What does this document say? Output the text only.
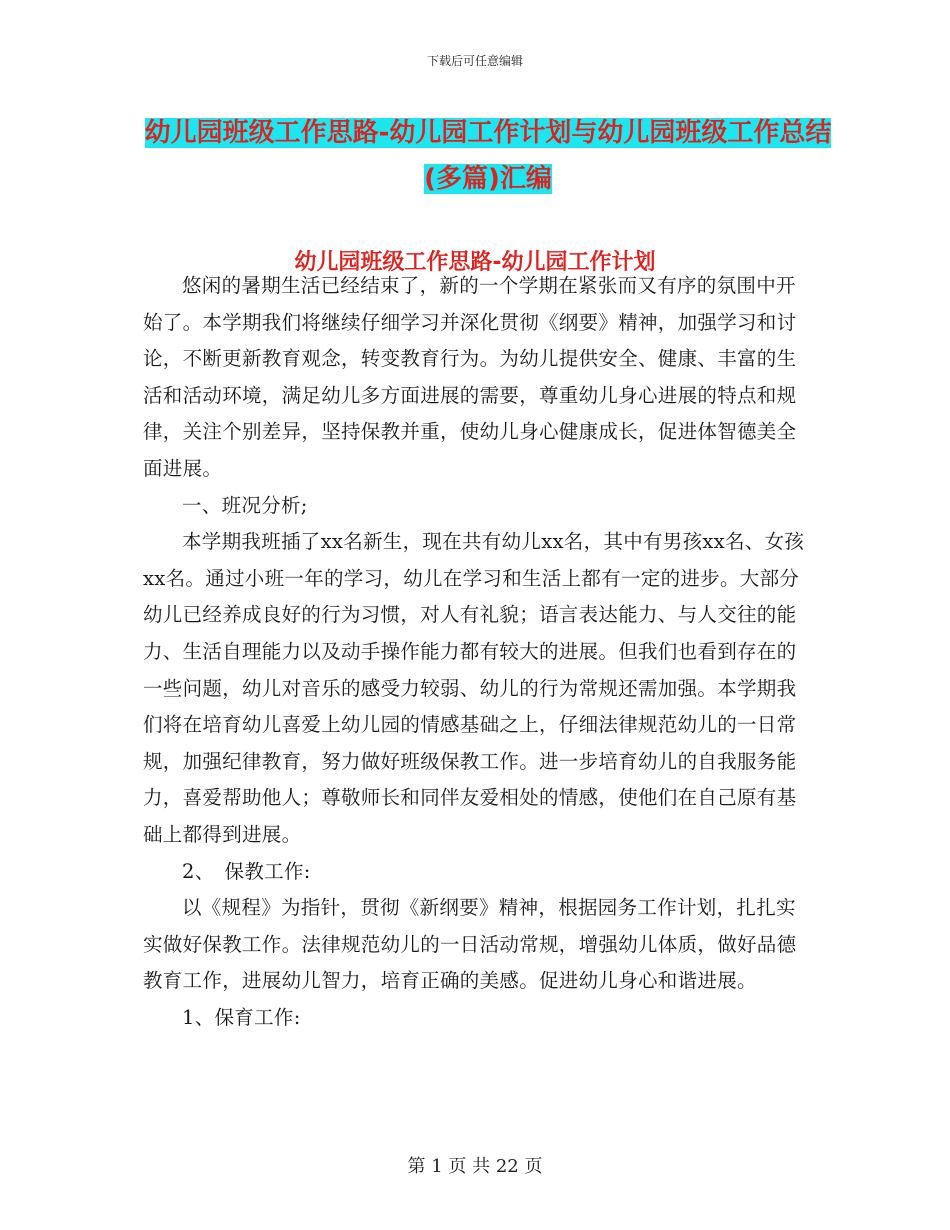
下载后可任意编辑
幼儿园班级工作思路-幼儿园工作计划与幼儿园班级工作总结(多篇)汇编
幼儿园班级工作思路-幼儿园工作计划

悠闲的暑期生活已经结束了，新的一个学期在紧张而又有序的氛围中开始了。本学期我们将继续仔细学习并深化贯彻《纲要》精神，加强学习和讨论，不断更新教育观念，转变教育行为。为幼儿提供安全、健康、丰富的生活和活动环境，满足幼儿多方面进展的需要，尊重幼儿身心进展的特点和规律，关注个别差异，坚持保教并重，使幼儿身心健康成长，促进体智德美全面进展。

一、班况分析;

本学期我班插了xx名新生，现在共有幼儿xx名，其中有男孩xx名、女孩xx名。通过小班一年的学习，幼儿在学习和生活上都有一定的进步。大部分幼儿已经养成良好的行为习惯，对人有礼貌；语言表达能力、与人交往的能力、生活自理能力以及动手操作能力都有较大的进展。但我们也看到存在的一些问题，幼儿对音乐的感受力较弱、幼儿的行为常规还需加强。本学期我们将在培育幼儿喜爱上幼儿园的情感基础之上，仔细法律规范幼儿的一日常规，加强纪律教育，努力做好班级保教工作。进一步培育幼儿的自我服务能力，喜爱帮助他人；尊敬师长和同伴友爱相处的情感，使他们在自己原有基础上都得到进展。

2、　保教工作:

以《规程》为指针，贯彻《新纲要》精神，根据园务工作计划，扎扎实实做好保教工作。法律规范幼儿的一日活动常规，增强幼儿体质，做好品德教育工作，进展幼儿智力，培育正确的美感。促进幼儿身心和谐进展。

1、保育工作:

第 1 页 共 22 页
